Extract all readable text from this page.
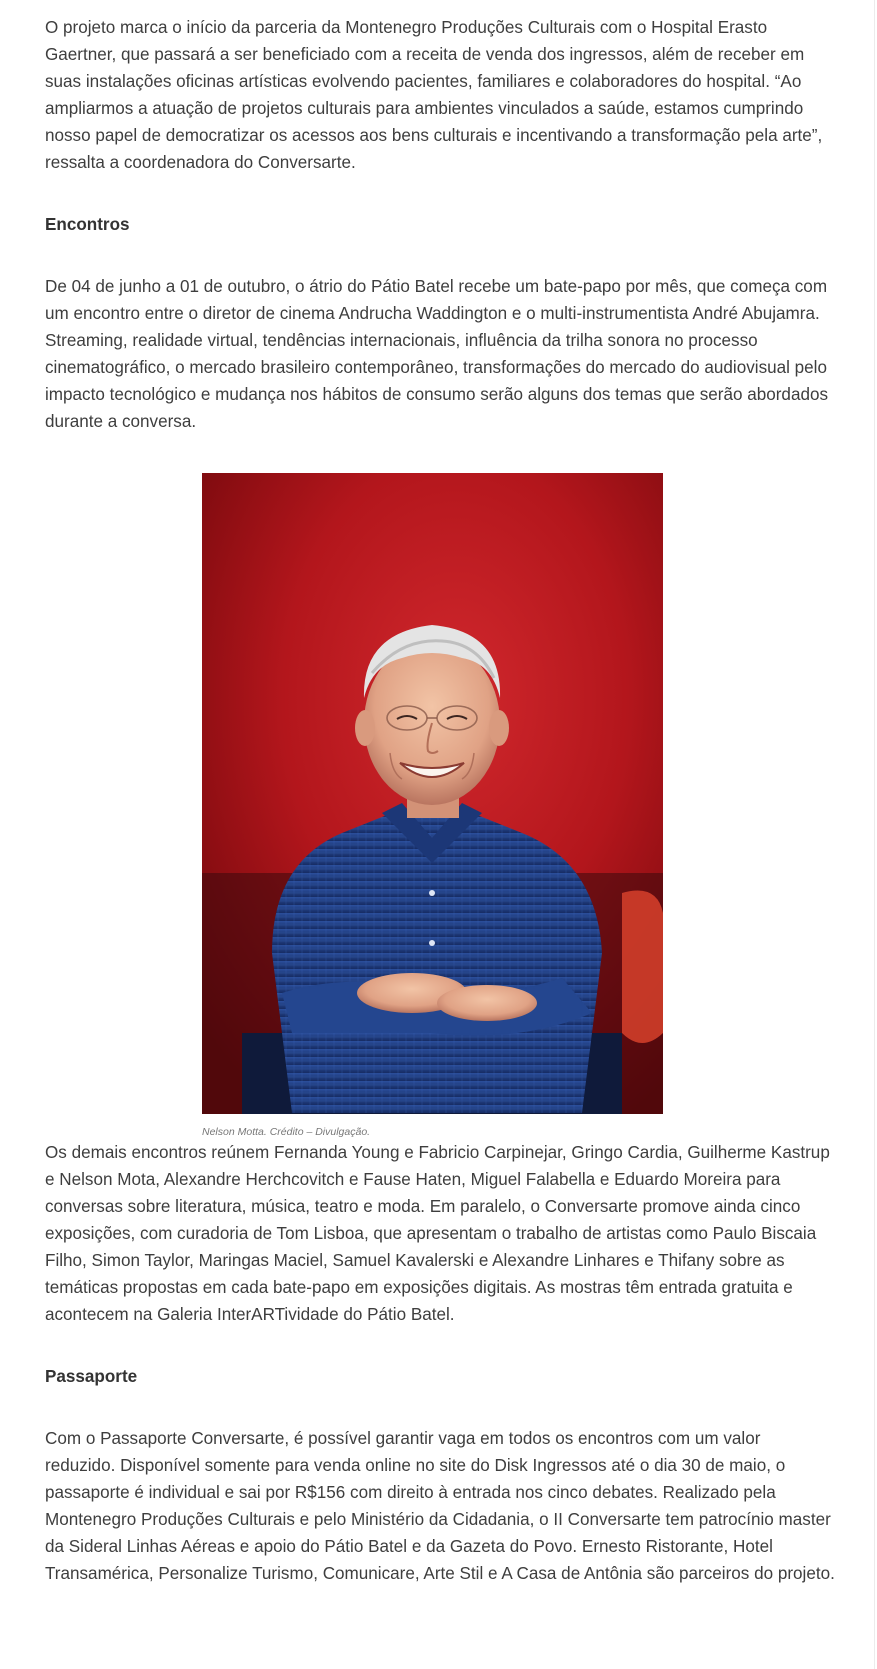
O projeto marca o início da parceria da Montenegro Produções Culturais com o Hospital Erasto Gaertner, que passará a ser beneficiado com a receita de venda dos ingressos, além de receber em suas instalações oficinas artísticas evolvendo pacientes, familiares e colaboradores do hospital. “Ao ampliarmos a atuação de projetos culturais para ambientes vinculados a saúde, estamos cumprindo nosso papel de democratizar os acessos aos bens culturais e incentivando a transformação pela arte”, ressalta a coordenadora do Conversarte.

Encontros

De 04 de junho a 01 de outubro, o átrio do Pátio Batel recebe um bate-papo por mês, que começa com um encontro entre o diretor de cinema Andrucha Waddington e o multi-instrumentista André Abujamra. Streaming, realidade virtual, tendências internacionais, influência da trilha sonora no processo cinematográfico, o mercado brasileiro contemporâneo, transformações do mercado do audiovisual pelo impacto tecnológico e mudança nos hábitos de consumo serão alguns dos temas que serão abordados durante a conversa.

Nelson Motta. Crédito – Divulgação.

Os demais encontros reúnem Fernanda Young e Fabricio Carpinejar, Gringo Cardia, Guilherme Kastrup e Nelson Mota, Alexandre Herchcovitch e Fause Haten, Miguel Falabella e Eduardo Moreira para conversas sobre literatura, música, teatro e moda. Em paralelo, o Conversarte promove ainda cinco exposições, com curadoria de Tom Lisboa, que apresentam o trabalho de artistas como Paulo Biscaia Filho, Simon Taylor, Maringas Maciel, Samuel Kavalerski e Alexandre Linhares e Thifany sobre as temáticas propostas em cada bate-papo em exposições digitais. As mostras têm entrada gratuita e acontecem na Galeria InterARTividade do Pátio Batel.

Passaporte

Com o Passaporte Conversarte, é possível garantir vaga em todos os encontros com um valor reduzido. Disponível somente para venda online no site do Disk Ingressos até o dia 30 de maio, o passaporte é individual e sai por R$156 com direito à entrada nos cinco debates. Realizado pela Montenegro Produções Culturais e pelo Ministério da Cidadania, o II Conversarte tem patrocínio master da Sideral Linhas Aéreas e apoio do Pátio Batel e da Gazeta do Povo. Ernesto Ristorante, Hotel Transamérica, Personalize Turismo, Comunicare, Arte Stil e A Casa de Antônia são parceiros do projeto.
